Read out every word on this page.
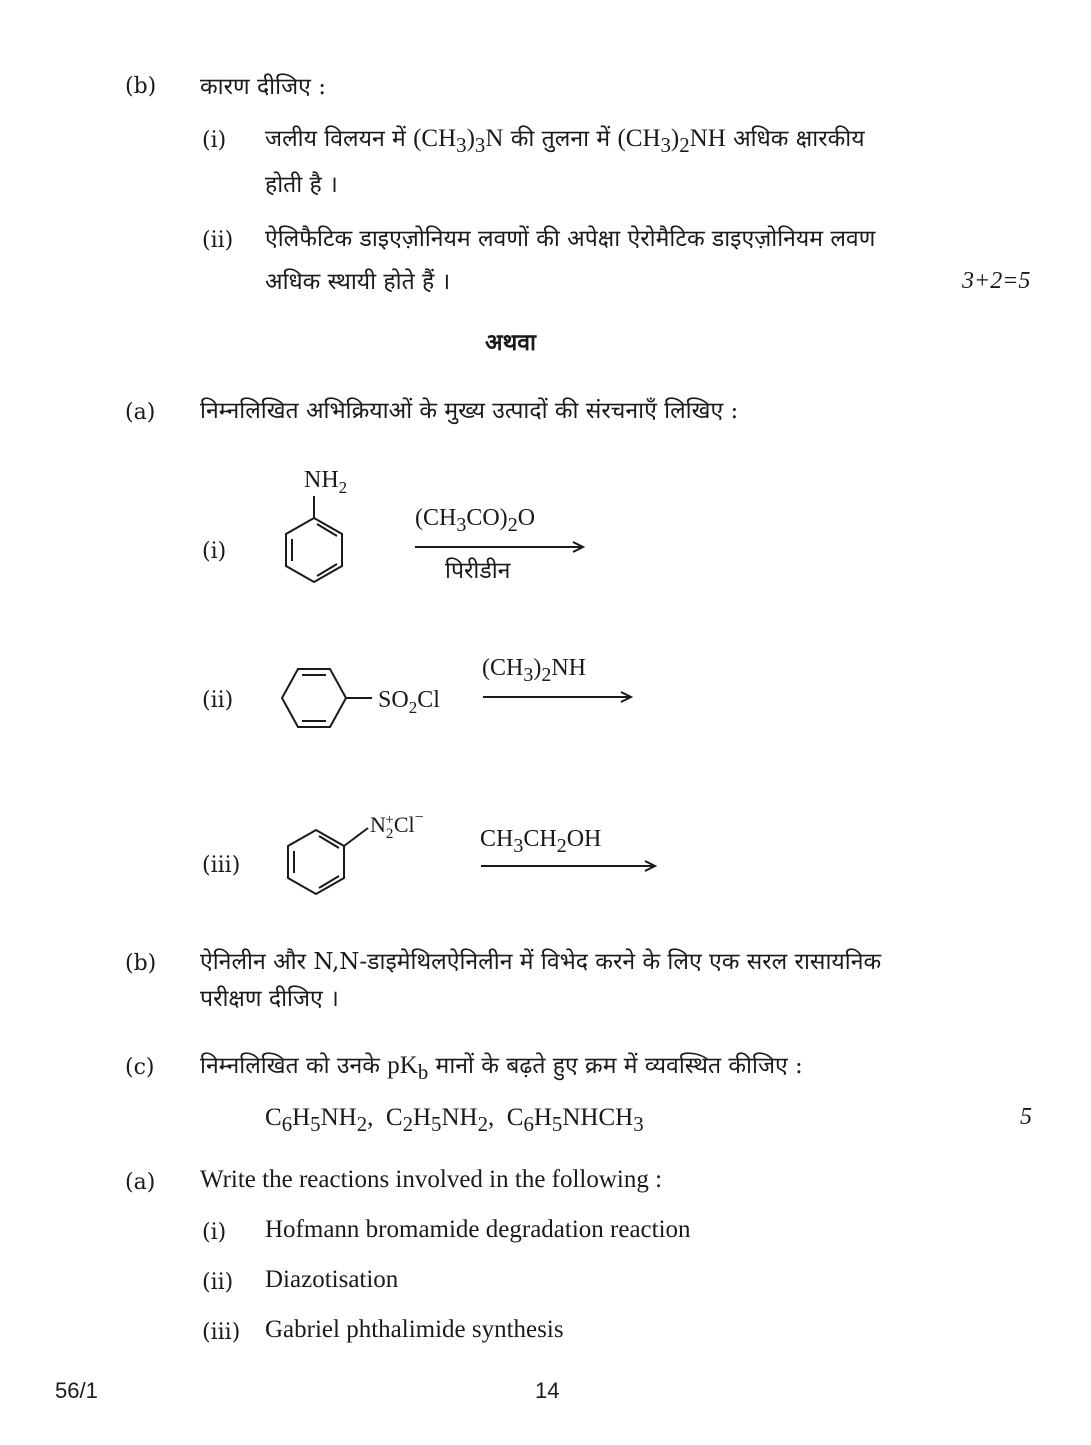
(b) कारण दीजिए :
(i) जलीय विलयन में $(CH_3)_3N$ की तुलना में $(CH_3)_2NH$ अधिक क्षारकीय
होती है ।
(ii) ऐलिफैटिक डाइएज़ोनियम लवणों की अपेक्षा ऐरोमैटिक डाइएज़ोनियम लवण
अधिक स्थायी होते हैं ।	3+2=5
अथवा
(a) निम्नलिखित अभिक्रियाओं के मुख्य उत्पादों की संरचनाएँ लिखिए :
(i)
$NH_2$
$(CH_3CO)_2O$
पिरीडीन
(ii)	$SO_2Cl$
$(CH_3)_2NH$
(iii)
$N_2+Cl^-$
$CH_3CH_2OH$
(b) ऐनिलीन और N,N-डाइमेथिलऐनिलीन में विभेद करने के लिए एक सरल रासायनिक
परीक्षण दीजिए ।
(c) निम्नलिखित को उनके $pK_b$ मानों के बढ़ते हुए क्रम में व्यवस्थित कीजिए :
$C_6H_5NH_2$,  $C_2H_5NH_2$,  $C_6H_5NHCH_3$	5
(a) Write the reactions involved in the following :
(i) Hofmann bromamide degradation reaction
(ii) Diazotisation
(iii) Gabriel phthalimide synthesis
56/1	14
